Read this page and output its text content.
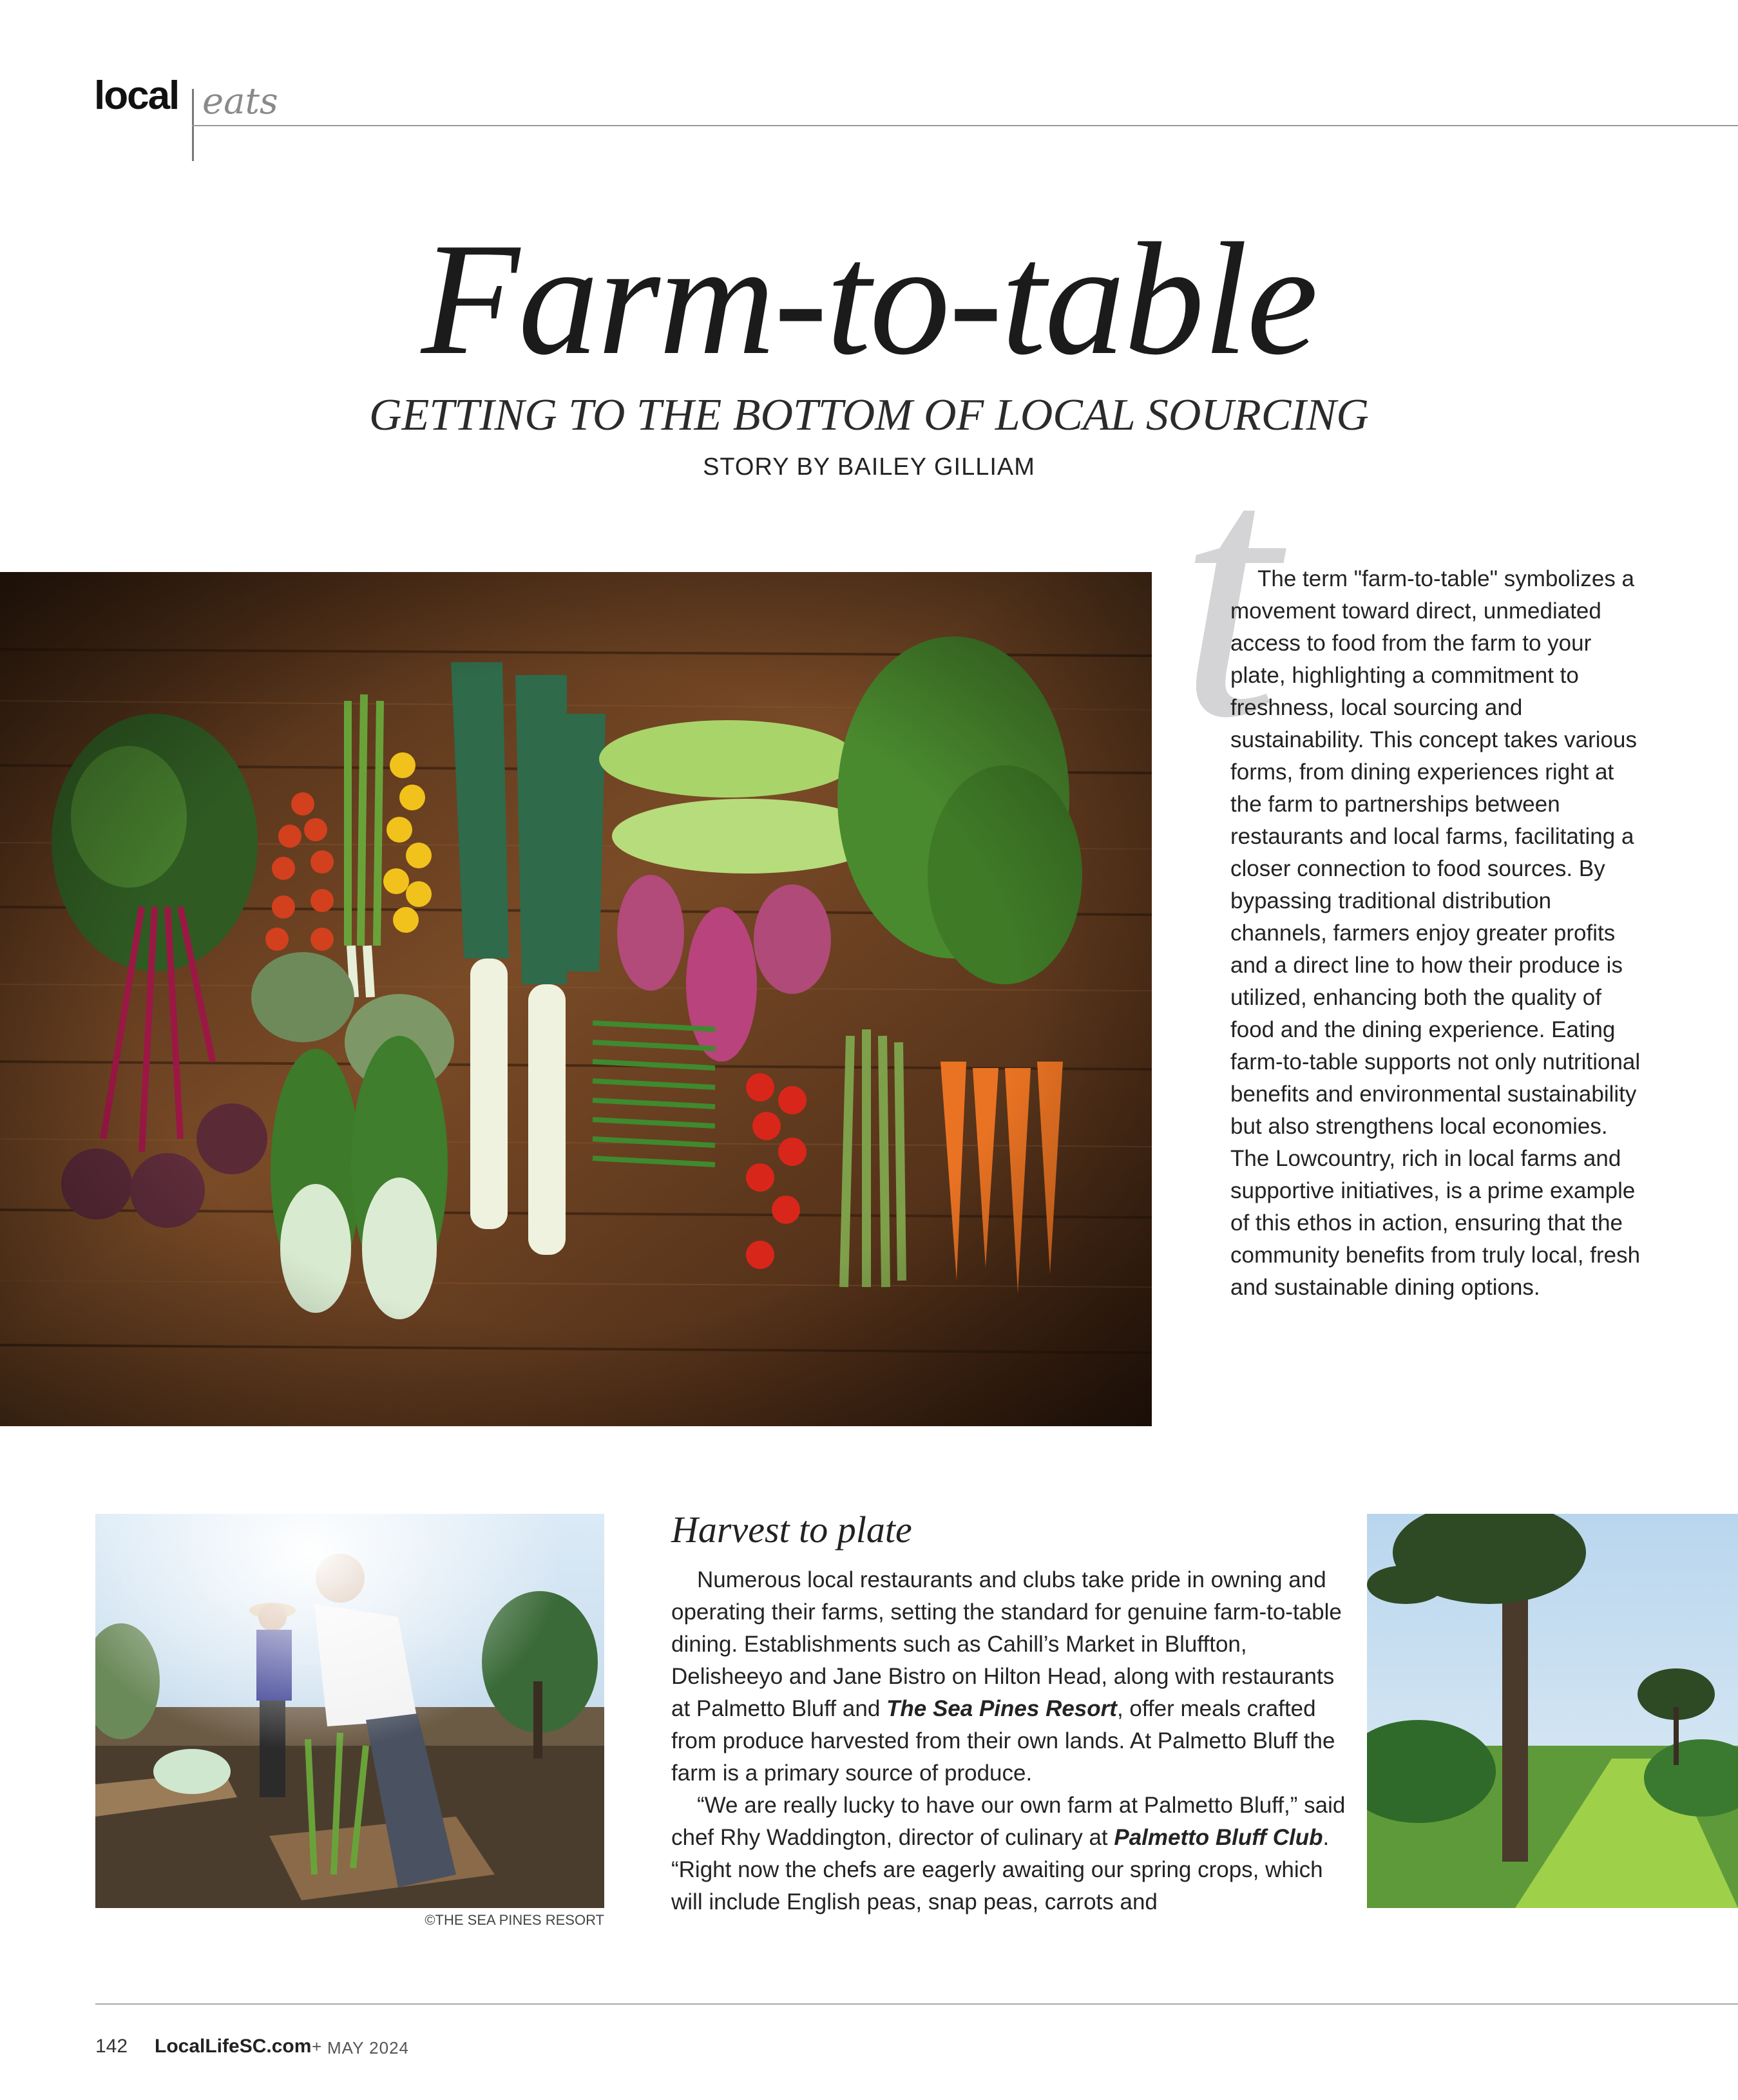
local eats
Farm-to-table
GETTING TO THE BOTTOM OF LOCAL SOURCING
STORY BY BAILEY GILLIAM t

The term "farm-to-table" symbolizes a movement toward direct, unmediated access to food from the farm to your plate, highlighting a commitment to freshness, local sourcing and sustainability. This concept takes various forms, from dining experiences right at the farm to partnerships between restaurants and local farms, facilitating a closer connection to food sources. By bypassing traditional distribution channels, farmers enjoy greater profits and a direct line to how their produce is utilized, enhancing both the quality of food and the dining experience. Eating farm-to-table supports not only nutritional benefits and environmental sustainability but also strengthens local economies. The Lowcountry, rich in local farms and supportive initiatives, is a prime example of this ethos in action, ensuring that the community benefits from truly local, fresh and sustainable dining options.

©THE SEA PINES RESORT
Harvest to plate

Numerous local restaurants and clubs take pride in owning and operating their farms, setting the standard for genuine farm-to-table dining. Establishments such as Cahill’s Market in Bluffton, Delisheeyo and Jane Bistro on Hilton Head, along with restaurants at Palmetto Bluff and The Sea Pines Resort, offer meals crafted from produce harvested from their own lands. At Palmetto Bluff the farm is a primary source of produce.

“We are really lucky to have our own farm at Palmetto Bluff,” said chef Rhy Waddington, director of culinary at Palmetto Bluff Club. “Right now the chefs are eagerly awaiting our spring crops, which will include English peas, snap peas, carrots and

142 LocalLifeSC.com + MAY 2024
